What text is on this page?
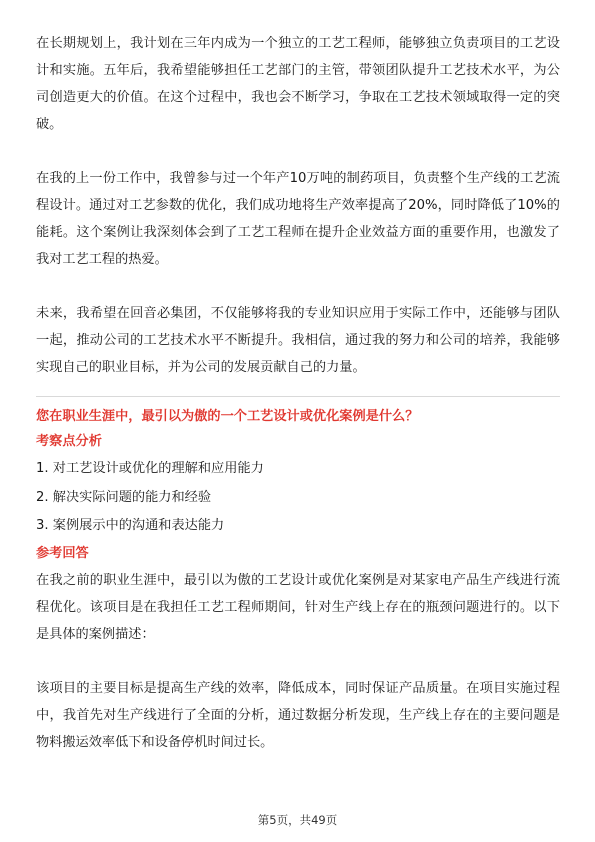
在长期规划上，我计划在三年内成为一个独立的工艺工程师，能够独立负责项目的工艺设计和实施。五年后，我希望能够担任工艺部门的主管，带领团队提升工艺技术水平，为公司创造更大的价值。在这个过程中，我也会不断学习，争取在工艺技术领域取得一定的突破。

在我的上一份工作中，我曾参与过一个年产10万吨的制药项目，负责整个生产线的工艺流程设计。通过对工艺参数的优化，我们成功地将生产效率提高了20%，同时降低了10%的能耗。这个案例让我深刻体会到了工艺工程师在提升企业效益方面的重要作用，也激发了我对工艺工程的热爱。

未来，我希望在回音必集团，不仅能够将我的专业知识应用于实际工作中，还能够与团队一起，推动公司的工艺技术水平不断提升。我相信，通过我的努力和公司的培养，我能够实现自己的职业目标，并为公司的发展贡献自己的力量。

您在职业生涯中，最引以为傲的一个工艺设计或优化案例是什么？

考察点分析

1. 对工艺设计或优化的理解和应用能力
2. 解决实际问题的能力和经验
3. 案例展示中的沟通和表达能力

参考回答

在我之前的职业生涯中，最引以为傲的工艺设计或优化案例是对某家电产品生产线进行流程优化。该项目是在我担任工艺工程师期间，针对生产线上存在的瓶颈问题进行的。以下是具体的案例描述：

该项目的主要目标是提高生产线的效率，降低成本，同时保证产品质量。在项目实施过程中，我首先对生产线进行了全面的分析，通过数据分析发现，生产线上存在的主要问题是物料搬运效率低下和设备停机时间过长。

第5页，共49页
